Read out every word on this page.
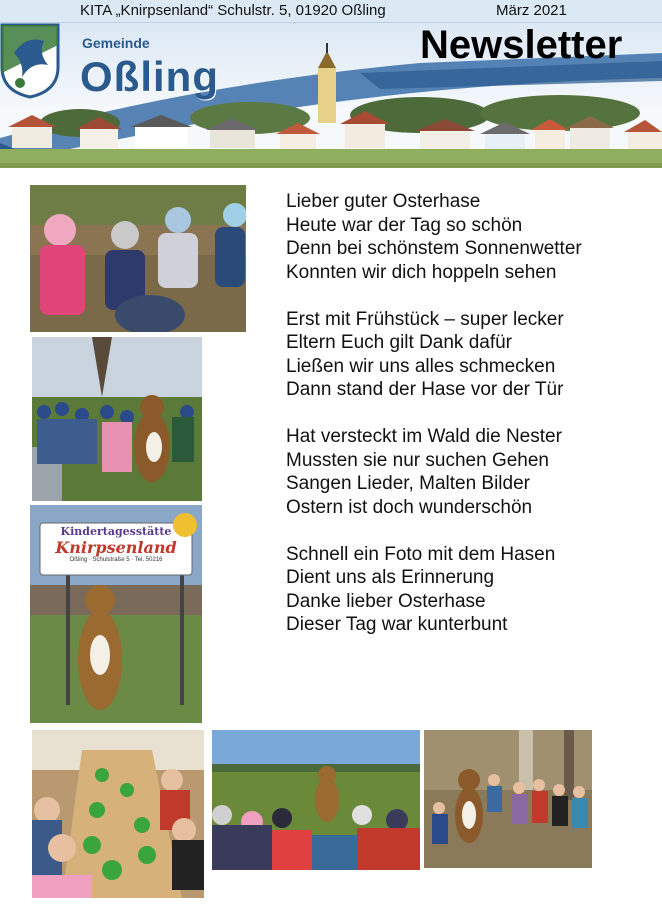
KITA „Knirpsenland“ Schulstr. 5, 01920 Oßling	März 2021
Gemeinde
Oßling
Newsletter
Kindertagesstätte
Knirpsenland
Oßling · Schulstraße 5 · Tel. 50216
Lieber guter Osterhase
Heute war der Tag so schön
Denn bei schönstem Sonnenwetter
Konnten wir dich hoppeln sehen
Erst mit Frühstück – super lecker
Eltern Euch gilt Dank dafür
Ließen wir uns alles schmecken
Dann stand der Hase vor der Tür
Hat versteckt im Wald die Nester
Mussten sie nur suchen Gehen
Sangen Lieder, Malten Bilder
Ostern ist doch wunderschön
Schnell ein Foto mit dem Hasen
Dient uns als Erinnerung
Danke lieber Osterhase
Dieser Tag war kunterbunt
